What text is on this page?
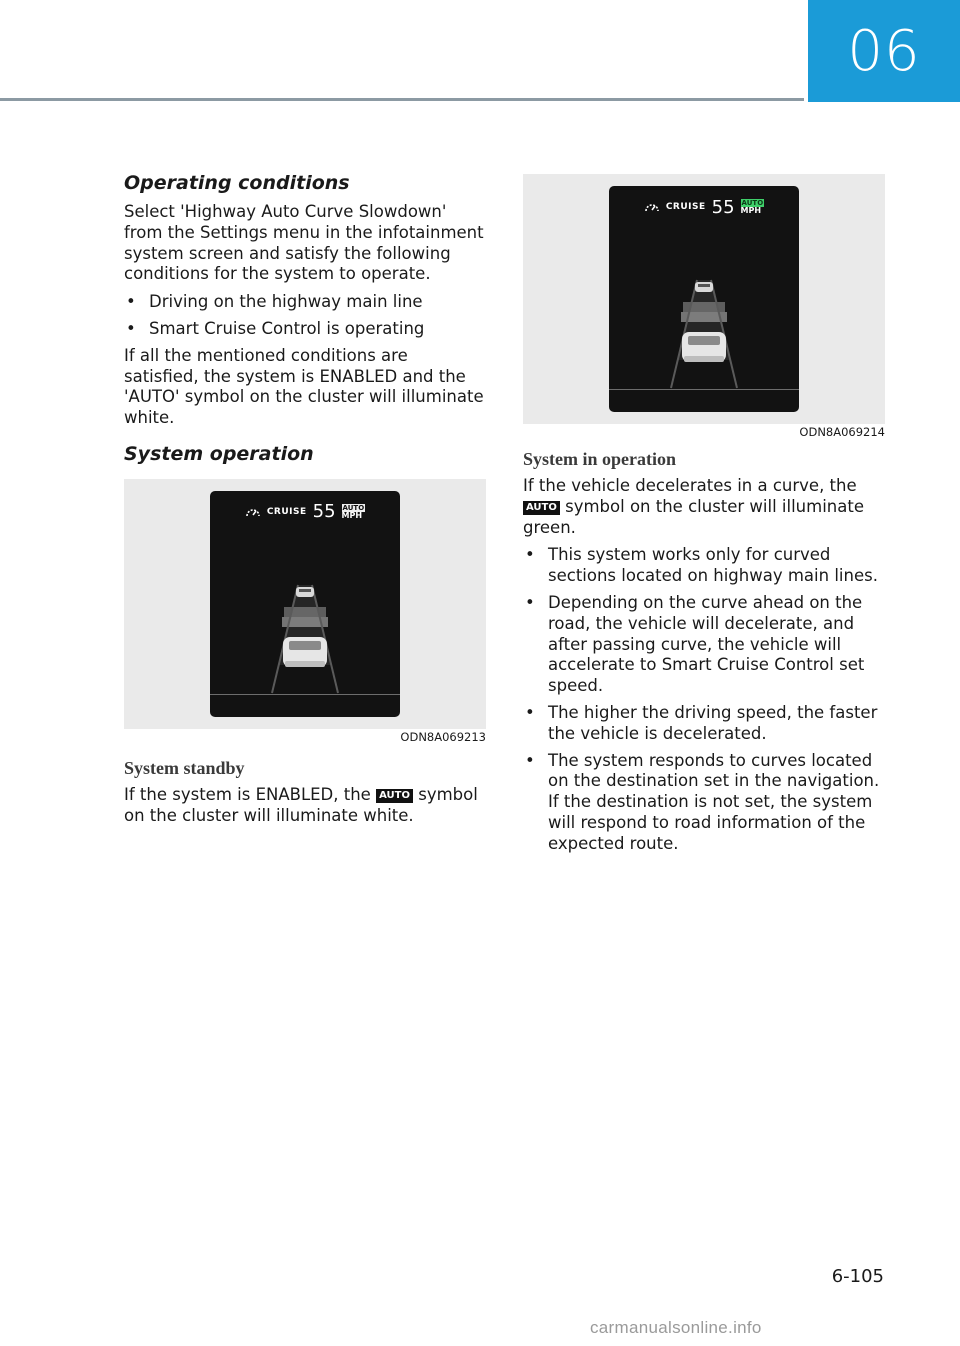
06
Operating conditions

Select 'Highway Auto Curve Slowdown' from the Settings menu in the infotainment system screen and satisfy the following conditions for the system to operate.

• Driving on the highway main line
• Smart Cruise Control is operating

If all the mentioned conditions are satisfied, the system is ENABLED and the 'AUTO' symbol on the cluster will illuminate white.

System operation
CRUISE 55 AUTO
MPH
ODN8A069213
System standby

If the system is ENABLED, the AUTO symbol on the cluster will illuminate white.

CRUISE 55 AUTO
MPH
ODN8A069214
System in operation

If the vehicle decelerates in a curve, the AUTO symbol on the cluster will illuminate green.

• This system works only for curved sections located on highway main lines.
• Depending on the curve ahead on the road, the vehicle will decelerate, and after passing curve, the vehicle will accelerate to Smart Cruise Control set speed.
• The higher the driving speed, the faster the vehicle is decelerated.
• The system responds to curves located on the destination set in the navigation. If the destination is not set, the system will respond to road information of the expected route.
6-105
carmanualsonline.info
